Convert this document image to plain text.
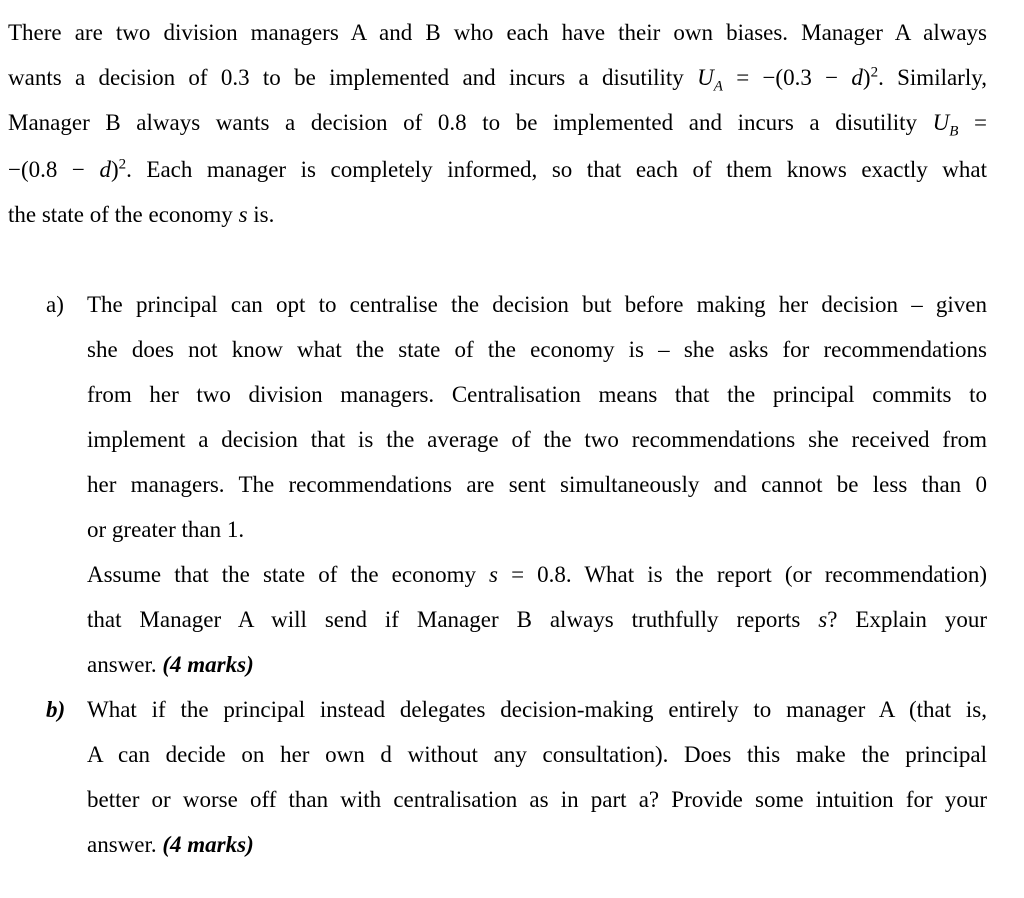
There are two division managers A and B who each have their own biases. Manager A always
wants a decision of 0.3 to be implemented and incurs a disutility $U_A = -(0.3 - d)^2$. Similarly,
Manager B always wants a decision of 0.8 to be implemented and incurs a disutility $U_B$ =
$-(0.8 - d)^2$. Each manager is completely informed, so that each of them knows exactly what
the state of the economy s is.
a) The principal can opt to centralise the decision but before making her decision – given
she does not know what the state of the economy is – she asks for recommendations
from her two division managers. Centralisation means that the principal commits to
implement a decision that is the average of the two recommendations she received from
her managers. The recommendations are sent simultaneously and cannot be less than 0
or greater than 1.
Assume that the state of the economy s = 0.8. What is the report (or recommendation)
that Manager A will send if Manager B always truthfully reports s? Explain your
answer. (4 marks)
b) What if the principal instead delegates decision-making entirely to manager A (that is,
A can decide on her own d without any consultation). Does this make the principal
better or worse off than with centralisation as in part a? Provide some intuition for your
answer. (4 marks)
